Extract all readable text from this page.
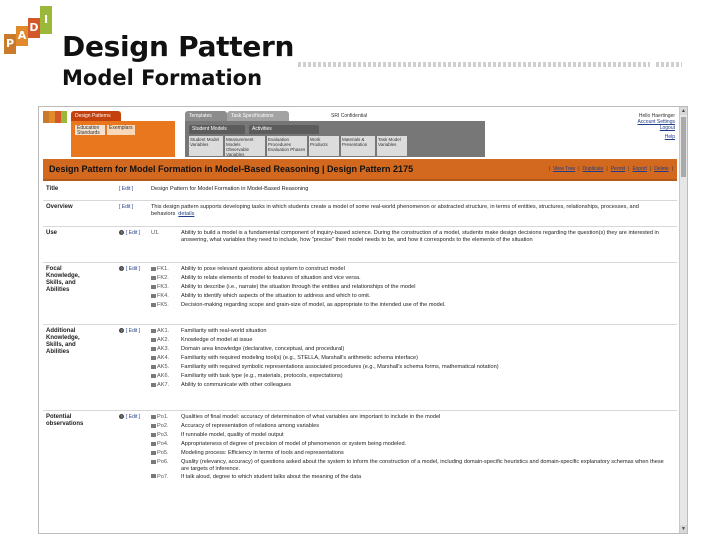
P
A
D
I
Design Pattern
Model Formation
Design Patterns	Templates	Task Specifications	SRI Confidential
Education Standards
Exemplars	Student Models	Activities
Student Model Variables
Measurement Models Observable Variables
Evaluation Procedures Evaluation Phases
Work Products
Materials & Presentation
Task Model Variables
Hello Haertinger
Account Settings
Logout
Help
Design Pattern for Model Formation in Model-Based Reasoning | Design Pattern 2175	| View Tree | Duplicate | Permit | Export | Delete |
Title	[ Edit ]	Design Pattern for Model Formation in Model-Based Reasoning
Overview	[ Edit ]	This design pattern supports developing tasks in which students create a model of some real-world phenomenon or abstracted structure, in terms of entities, structures, relationships, processes, and behaviors details
Use	? [ Edit ] U1.	Ability to build a model is a fundamental component of inquiry-based science. During the construction of a model, students make design decisions regarding the question(s) they are interested in answering, what variables they need to include, how "precise" their model needs to be, and how it corresponds to the elements of the situation
Focal Knowledge, Skills, and Abilities
? [ Edit ]	FK1.	Ability to pose relevant questions about system to construct model
FK2.	Ability to relate elements of model to features of situation and vice versa.
FK3.	Ability to describe (i.e., narrate) the situation through the entities and relationships of the model
FK4.	Ability to identify which aspects of the situation to address and which to omit.
FK5.	Decision-making regarding scope and grain-size of model, as appropriate to the intended use of the model.
Additional Knowledge, Skills, and Abilities
? [ Edit ]	AK1.	Familiarity with real-world situation
AK2.	Knowledge of model at issue
AK3.	Domain area knowledge (declarative, conceptual, and procedural)
AK4.	Familiarity with required modeling tool(s) (e.g., STELLA, Marshall's arithmetic schema interface)
AK5.	Familiarity with required symbolic representations associated procedures (e.g., Marshall's schema forms, mathematical notation)
AK6.	Familiarity with task type (e.g., materials, protocols, expectations)
AK7.	Ability to communicate with other colleagues
Potential observations
? [ Edit ]	Po1.	Qualities of final model: accuracy of determination of what variables are important to include in the model
Po2.	Accuracy of representation of relations among variables
Po3.	If runnable model, quality of model output
Po4.	Appropriateness of degree of precision of model of phenomenon or system being modeled.
Po5.	Modeling process: Efficiency in terms of tools and representations
Po6.	Quality (relevancy, accuracy) of questions asked about the system to inform the construction of a model, including domain-specific heuristics and domain-specific explanatory schemas when these are targets of inference.
Po7.	If talk aloud, degree to which student talks about the meaning of the data
▲
▼
